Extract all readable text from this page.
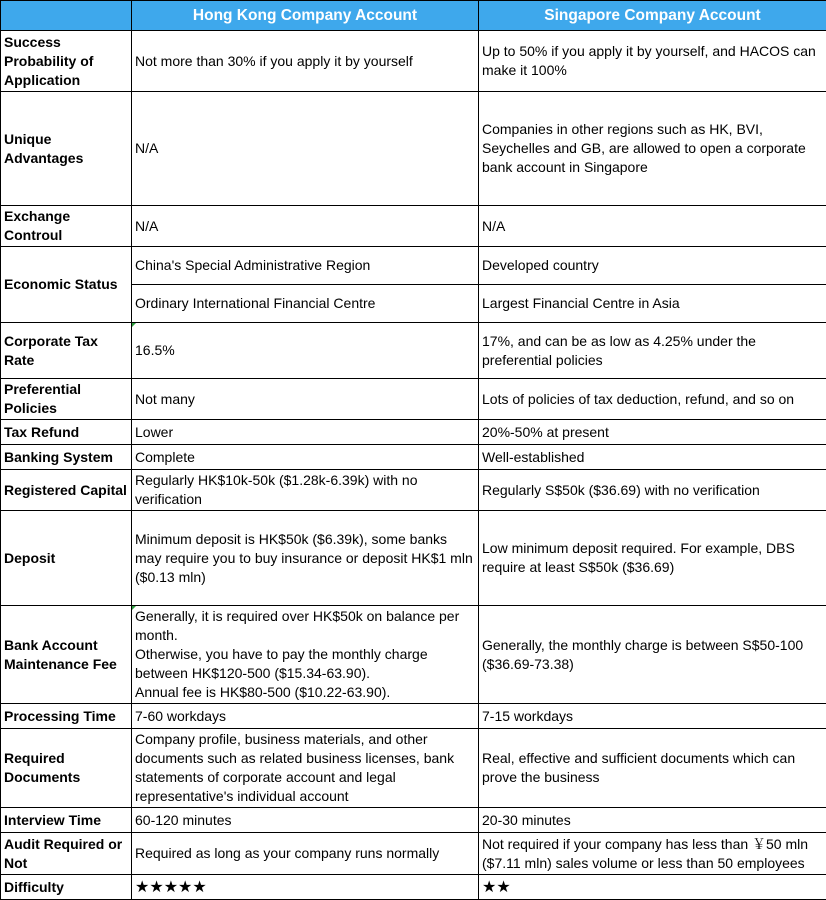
	Hong Kong Company Account	Singapore Company Account
Success Probability of Application	Not more than 30% if you apply it by yourself	Up to 50% if you apply it by yourself, and HACOS can make it 100%
Unique Advantages	N/A	Companies in other regions such as HK, BVI, Seychelles and GB, are allowed to open a corporate bank account in Singapore
Exchange Controul	N/A	N/A
Economic Status	China's Special Administrative Region	Developed country
	Ordinary International Financial Centre	Largest Financial Centre in Asia
Corporate Tax Rate	16.5%	17%, and can be as low as 4.25% under the preferential policies
Preferential Policies	Not many	Lots of policies of tax deduction, refund, and so on
Tax Refund	Lower	20%-50% at present
Banking System	Complete	Well-established
Registered Capital	Regularly HK$10k-50k ($1.28k-6.39k) with no verification	Regularly S$50k ($36.69) with no verification
Deposit	Minimum deposit is HK$50k ($6.39k), some banks may require you to buy insurance or deposit HK$1 mln ($0.13 mln)	Low minimum deposit required. For example, DBS require at least S$50k ($36.69)
Bank Account Maintenance Fee	Generally, it is required over HK$50k on balance per month.
Otherwise, you have to pay the monthly charge between HK$120-500 ($15.34-63.90).
Annual fee is HK$80-500 ($10.22-63.90).	Generally, the monthly charge is between S$50-100 ($36.69-73.38)
Processing Time	7-60 workdays	7-15 workdays
Required Documents	Company profile, business materials, and other documents such as related business licenses, bank statements of corporate account and legal representative's individual account	Real, effective and sufficient documents which can prove the business
Interview Time	60-120 minutes	20-30 minutes
Audit Required or Not	Required as long as your company runs normally	Not required if your company has less than ￥50 mln ($7.11 mln) sales volume or less than 50 employees
Difficulty	★★★★★	★★
